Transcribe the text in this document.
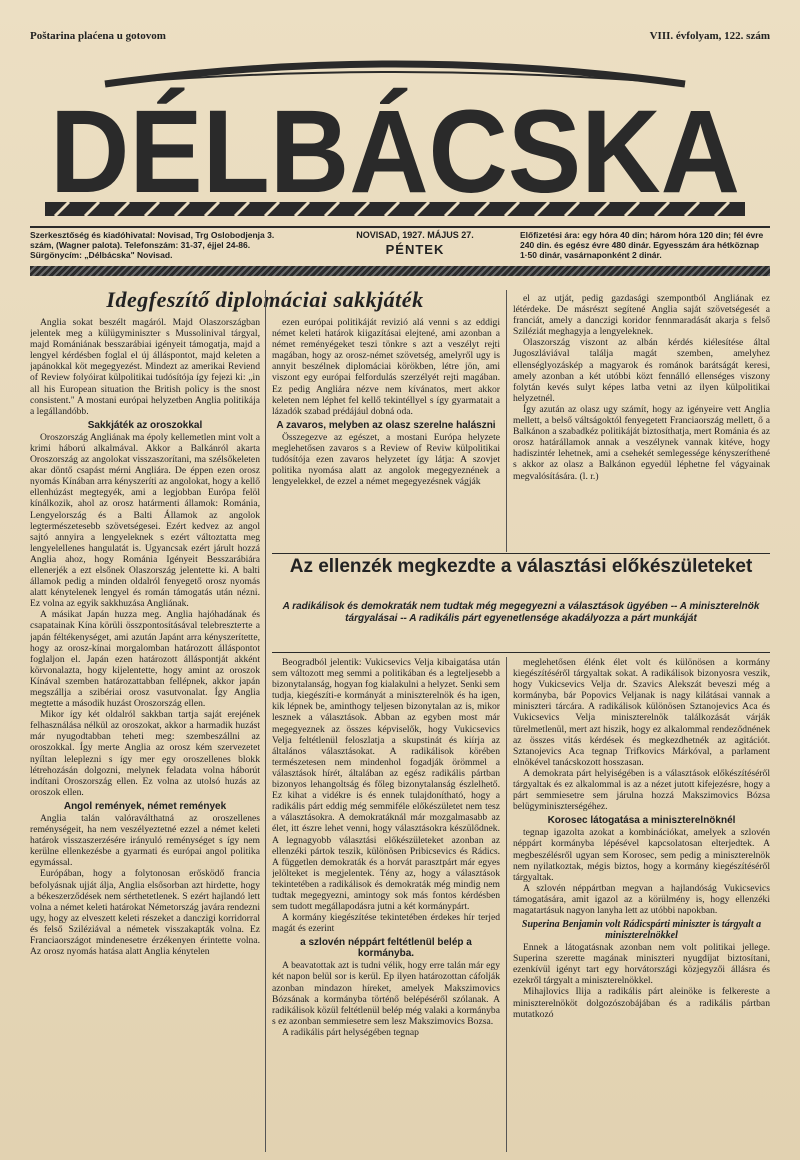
Poštarina plaćena u gotovom	VIII. évfolyam, 122. szám
DÉLBÁCSKA
Szerkesztőség és kiadóhivatal: Novisad, Trg Oslobodjenja 3. szám, (Wagner palota). Telefonszám: 31-37, éjjel 24-86. Sürgönycím: „Délbácska" Novisad.
NOVISAD, 1927. MÁJUS 27.
PÉNTEK
Előfizetési ára: egy hóra 40 din; három hóra 120 din; fél évre 240 din. és egész évre 480 dinár. Egyesszám ára hétköznap 1·50 dinár, vasárnaponként 2 dinár.
Idegfeszítő diplomáciai sakkjáték

Anglia sokat beszélt magáról. Majd Olaszországban jelentek meg a külügyminiszter s Mussolinival tárgyal, majd Romániának besszarábiai igényeit támogatja, majd a lengyel kérdésben foglal el új álláspontot, majd keleten a japánokkal köt megegyezést. Mindezt az amerikai Reviend of Review folyóirat külpolitikai tudósítója így fejezi ki: „in all his European situation the British policy is the snost consistent." A mostani európai helyzetben Anglia politikája a legállandóbb.

Sakkjáték az oroszokkal

Oroszország Angliának ma époly kellemetlen mint volt a krimi háború alkalmával. Akkor a Balkánról akarta Oroszország az angolokat visszaszorítani, ma szélsőkeleten akar döntő csapást mérni Angliára. De éppen ezen orosz nyomás Kínában arra kényszeríti az angolokat, hogy a kellő ellenhúzást megtegyék, ami a legjobban Európa felöl kínálkozik, ahol az orosz határmenti államok: Románia, Lengyelország és a Balti Államok az angolok legtermészetesebb szövetségesei. Ezért kedvez az angol sajtó annyira a lengyeleknek s ezért változtatta meg lengyelellenes hangulatát is. Ugyancsak ezért járult hozzá Anglia ahoz, hogy Románia Igényeit Besszarábiára ellenerjék a ezt elsőnek Olaszország jelentette ki. A balti államok pedig a minden oldalról fenyegető orosz nyomás alatt kénytelenek lengyel és román támogatás után nézni. Ez volna az egyik sakkhuzása Angliának.

A másikat Japán huzza meg. Anglia hajóhadának és csapatainak Kína körüli összpontosításával telebreszteтte a japán féltékenységet, ami azután Japánt arra kényszerítette, hogy az orosz-kínai morgalomban határozott álláspontot foglaljon el. Japán ezen határozott álláspontját akként körvonalazta, hogy kijelentette, hogy amint az oroszok Kínával szemben határozattabban fellépnek, akkor japán megszállja a szibériai orosz vasutvonalat. Így Anglia megtette a második huzást Oroszország ellen.

Mikor így két oldalról sakkban tartja saját erejének felhasználása nélkül az oroszokat, akkor a harmadik huzást már nyugodtabban teheti meg: szembeszállni az oroszokkal. Így merte Anglia az orosz kém szervezetet nyíltan leleplezni s így mer egy oroszellenes blokk létrehozásán dolgozni, melynek feladata volna háborút indítani Oroszország ellen. Ez volna az utolsó huzás az oroszok ellen.

Angol remények, német remények

Anglia talán valóraválthatná az oroszellenes reménységeit, ha nem veszélyeztetné ezzel a német keleti határok visszaszerzésére irányuló reménységet s így nem kerülne ellenkezésbe a gyarmati és európai angol politika egymással.

Európában, hogy a folytonosan erősködő francia befolyásnak ujját álja, Anglia elsősorban azt hirdette, hogy a békeszerződések nem sérthetetlenek. S ezért hajlandó lett volna a német keleti határokat Németország javára rendezni ugy, hogy az elveszett keleti részeket a danczigi korridorral és felső Sziléziával a németek visszakapták volna. Ez Franciaországot mindenesetre érzékenyen érintette volna. Az orosz nyomás hatása alatt Anglia kénytelen

ezen európai politikáját revizió alá venni s az eddigi német keleti határok kiigazításai elejtené, ami azonban a német reményégeket teszi tönkre s azt a veszélyt rejti magában, hogy az orosz-német szövetség, amelyről ugy is annyit beszélnek diplomáciai körökben, létre jön, ami viszont egy európai felfordulás szerzélyét rejti magában. Ez pedig Angliára nézve nem kívánatos, mert akkor keleten nem léphet fel kellő tekintéllyel s így gyarmatait a lázadók szabad prédájául dobná oda.

A zavaros, melyben az olasz szerelne halászni

Összegezve az egészet, a mostani Európa helyzete meglehetősen zavaros s a Review of Reviw külpolitikai tudósítója ezen zavaros helyzetet így látja: A szovjet politika nyomása alatt az angolok megegyeznének a lengyelekkel, de ezzel a német megegyezésnek vágják

el az utját, pedig gazdasági szempontból Angliának ez létérdeke. De másrészt segítené Anglia saját szövetségesét a franciát, amely a danczigi koridor fennmaradását akarja s felső Sziléziát meghagyja a lengyeleknek.

Olaszország viszont az albán kérdés kiélesítése által Jugoszláviával találja magát szemben, amelyhez ellenséglyozáskép a magyarok és románok barátságát keresi, amely azonban a két utóbbi közt fennálló ellenséges viszony folytán kevés sulyt képes latba vetni az ilyen külpolitikai helyzetnél.

Így azután az olasz ugy számít, hogy az igényeire vett Anglia mellett, a belső váltságoktól fenyegetett Franciaország mellett, ő a Balkánon a szabadkéz politikáját biztosíthatja, mert Románia és az orosz határállamok annak a veszélynek vannak kitéve, hogy hadiszintér lehetnek, ami a csehekét semlegessége kényszeríthené s akkor az olasz a Balkánon egyedül léphetne fel vágyainak megvalósítására. (l. r.)

Az ellenzék megkezdte a választási előkészületeket
A radikálisok és demokraták nem tudtak még megegyezni a választások ügyében -- A miniszterelnök tárgyalásai -- A radikális párt egyenetlensége akadályozza a párt munkáját

Beogradból jelentik: Vukicsevics Velja kibaigatása után sem változott meg semmi a politikában és a legteljesebb a bizonytalanság, hogyan fog kialakulni a helyzet. Senki sem tudja, kiegészíti-e kormányát a miniszterelnök és ha igen, kik lépnek be, aminthogy teljesen bizonytalan az is, mikor lesznek a választások. Abban az egyben most már megegyeznek az összes képviselők, hogy Vukicsevics Velja feltétlenül feloszlatja a skupstinát és kiírja az általános választásokat. A radikálisok körében természetesen nem mindenhol fogadják örömmel a választások hírét, általában az egész radikális pártban bizonyos lehangoltság és főleg bizonytalanság észlelhető. Ez kihat a vidékre is és ennek tulajdonítható, hogy a radikális párt eddig még semmiféle előkészületet nem tesz a választásokra. A demokratáknál már mozgalmasabb az élet, itt észre lehet venni, hogy választásokra készülődnek. A legnagyobb választási előkészületeket azonban az ellenzéki pártok teszik, különösen Pribicsevics és Rádics. A független demokraták és a horvát parasztpárt már egyes jelölteket is megjelentek. Tény az, hogy a választások tekintetében a radikálisok és demokraták még mindig nem tudtak megegyezni, amintogy sok más fontos kérdésben sem tudott megállapodásra jutni a két kormánypárt.

A kormány kiegészítése tekintetében érdekes hír terjed magát és ezerint

a szlovén néppárt feltétlenül belép a kormányba.

A beavatottak azt is tudni vélik, hogy erre talán már egy két napon belül sor is kerül. Ep ilyen határozottan cáfolják azonban mindazon híreket, amelyek Makszimovics Bózsának a kormányba történő belépéséről szólanak. A radikálisok közül feltétlenül belép még valaki a kormányba s ez azonban semmiesetre sem lesz Makszimovics Bozsa.

A radikális párt helységében tegnap

meglehetősen élénk élet volt és különösen a kormány kiegészítéséről tárgyaltak sokat. A radikálisok bizonyosra veszik, hogy Vukicsevics Velja dr. Szavics Alekszát beveszi még a kormányba, bár Popovics Veljanak is nagy kilátásai vannak a miniszteri tárcára. A radikálisok különösen Sztanojevics Aca és Vukicsevics Velja miniszterelnök találkozását várják türelmetlenül, mert azt hiszik, hogy ez alkalommal rendeződnének az összes vitás kérdések és megkezdhetnék az agitációt. Sztanojevics Aca tegnap Trifkovics Márkóval, a parlament elnökével tanácskozott hosszasan.

A demokrata párt helyiségében is a választások előkészítéséről tárgyaltak és ez alkalommal is az a nézet jutott kifejezésre, hogy a párt semmiesetre sem járulna hozzá Makszimovics Bózsa belügyminiszterségéhez.

Korosec látogatása a miniszterelnöknél

tegnap igazolta azokat a kombinációkat, amelyek a szlovén néppárt kormányba lépésével kapcsolatosan elterjedtek. A megbeszélésről ugyan sem Korosec, sem pedig a miniszterelnök nem nyilatkoztak, mégis biztos, hogy a kormány kiegészítéséről tárgyaltak.

A szlovén néppártban megvan a hajlandóság Vukicsevics támogatására, amit igazol az a körülmény is, hogy ellenzéki magatartásuk nagyon lanyha lett az utóbbi napokban.

Superina Benjamin volt Rádicspárti miniszter is tárgyalt a miniszterelnökkel

Ennek a látogatásnak azonban nem volt politikai jellege. Superina szerette magának miniszteri nyugdíjat biztosítani, ezenkívül igényt tart egy horvátországi közjegyzői állásra és ezekről tárgyalt a miniszterelnökkel.

Mihajlovics Ilija a radikális párt aleinöke is felkereste a miniszterelnököt dolgozószobájában és a radikális pártban mutatkozó
